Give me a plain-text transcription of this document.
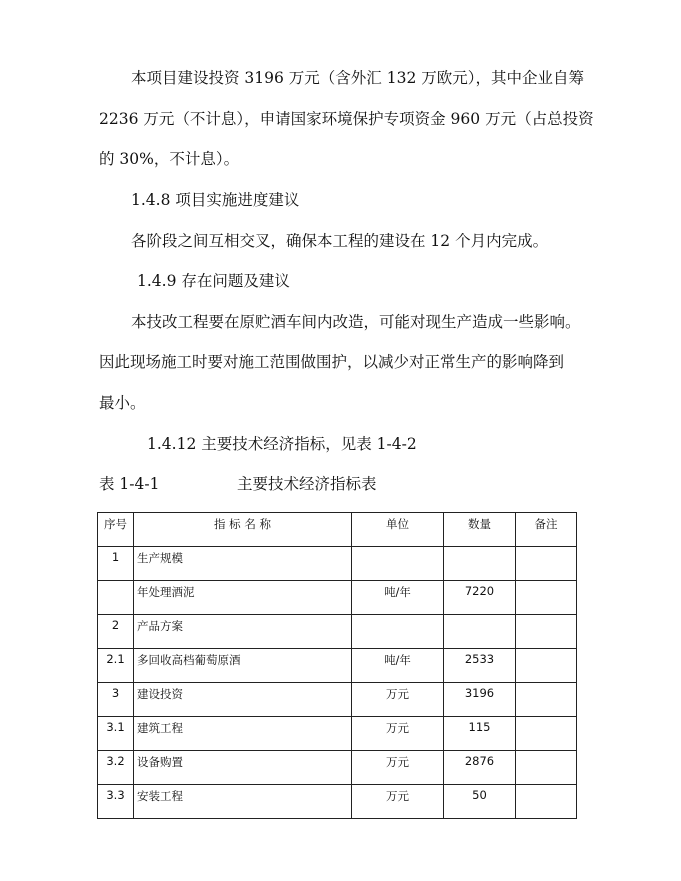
本项目建设投资 3196 万元（含外汇 132 万欧元），其中企业自筹
2236 万元（不计息），申请国家环境保护专项资金 960 万元（占总投资
的 30%，不计息）。
1.4.8 项目实施进度建议
各阶段之间互相交叉，确保本工程的建设在 12 个月内完成。
1.4.9 存在问题及建议
本技改工程要在原贮酒车间内改造，可能对现生产造成一些影响。
因此现场施工时要对施工范围做围护，以减少对正常生产的影响降到
最小。
1.4.12 主要技术经济指标，见表 1-4-2
表 1-4-1	主要技术经济指标表
序号	指 标 名 称	单位	数量	备注
1	生产规模			
	年处理酒泥	吨/年	7220	
2	产品方案			
2.1	多回收高档葡萄原酒	吨/年	2533	
3	建设投资	万元	3196	
3.1	建筑工程	万元	115	
3.2	设备购置	万元	2876	
3.3	安装工程	万元	50	
